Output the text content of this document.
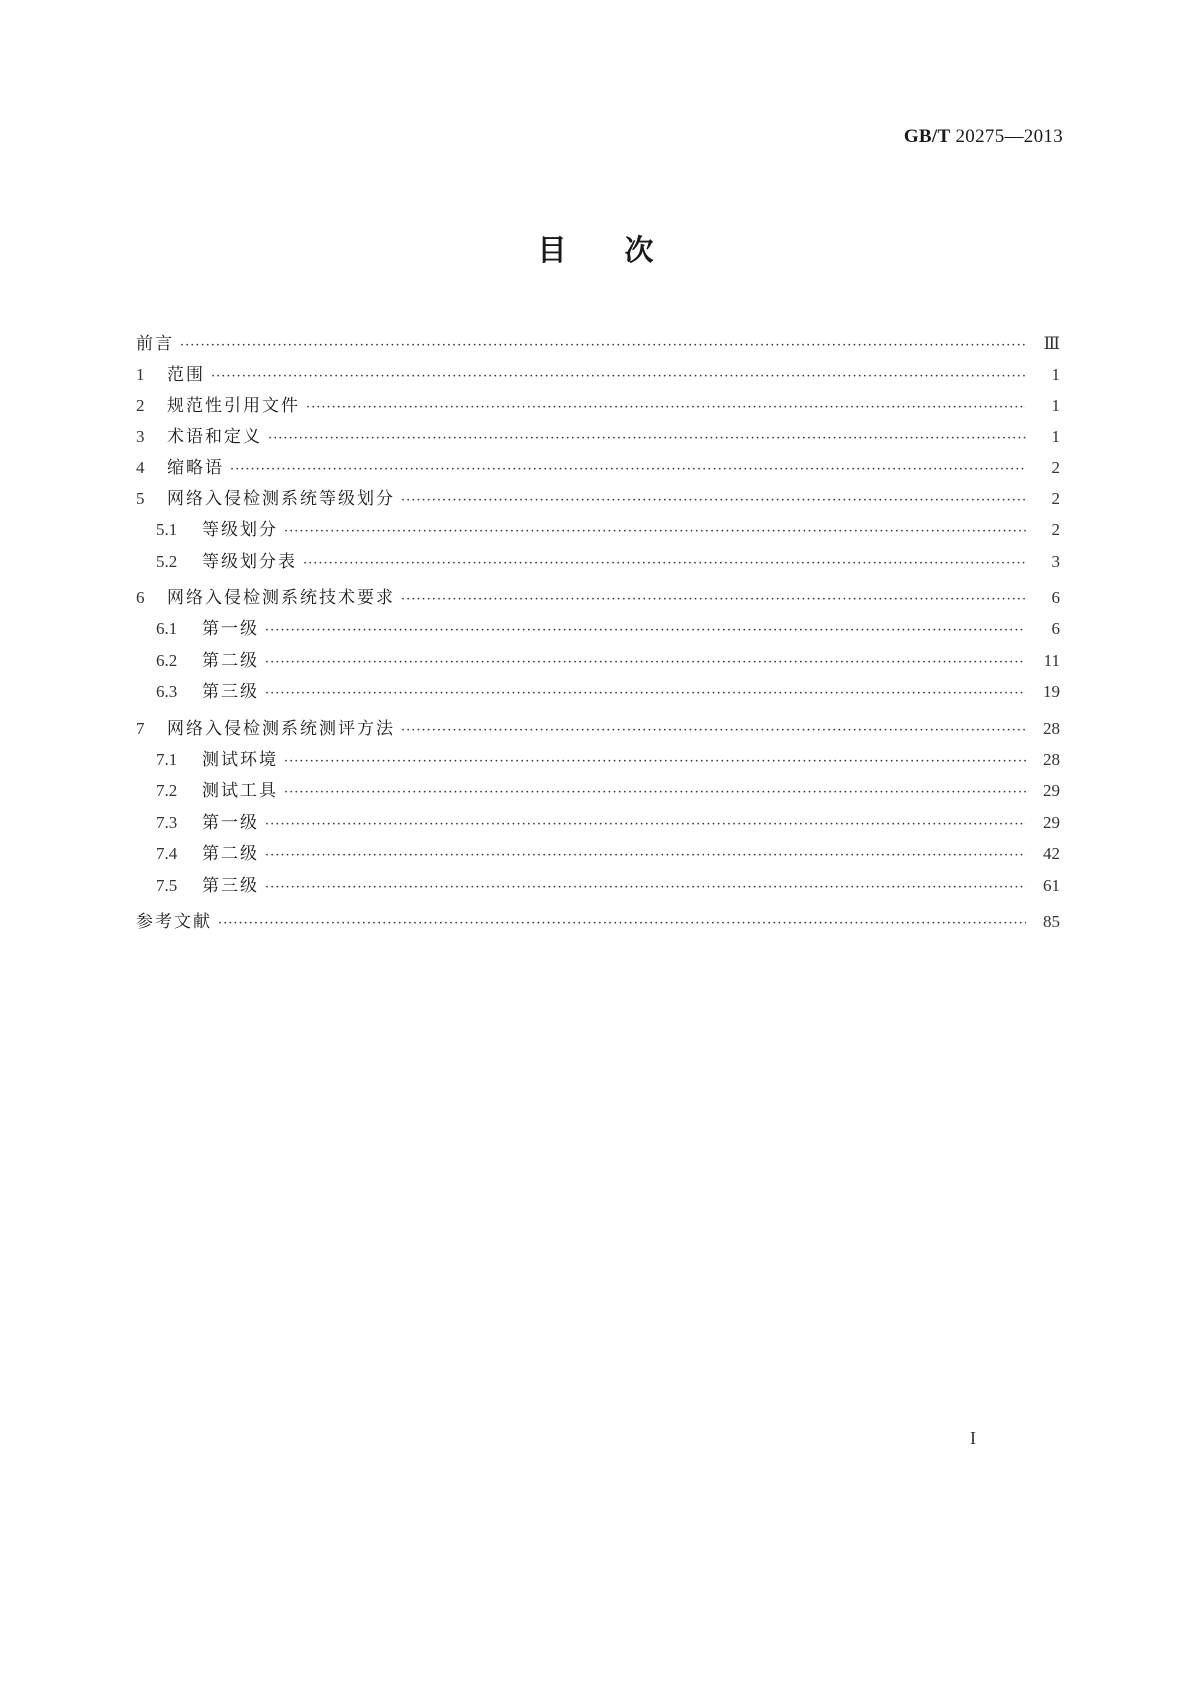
GB/T 20275—2013
目 次
前言 ·····	Ⅲ
1	范围 ·····	1
2	规范性引用文件 ·····	1
3	术语和定义 ·····	1
4	缩略语 ·····	2
5	网络入侵检测系统等级划分 ·····	2
5.1	等级划分 ·····	2
5.2	等级划分表 ·····	3
6	网络入侵检测系统技术要求 ·····	6
6.1	第一级 ·····	6
6.2	第二级 ·····	11
6.3	第三级 ·····	19
7	网络入侵检测系统测评方法 ·····	28
7.1	测试环境 ·····	28
7.2	测试工具 ·····	29
7.3	第一级 ·····	29
7.4	第二级 ·····	42
7.5	第三级 ·····	61
参考文献 ·····	85
I
